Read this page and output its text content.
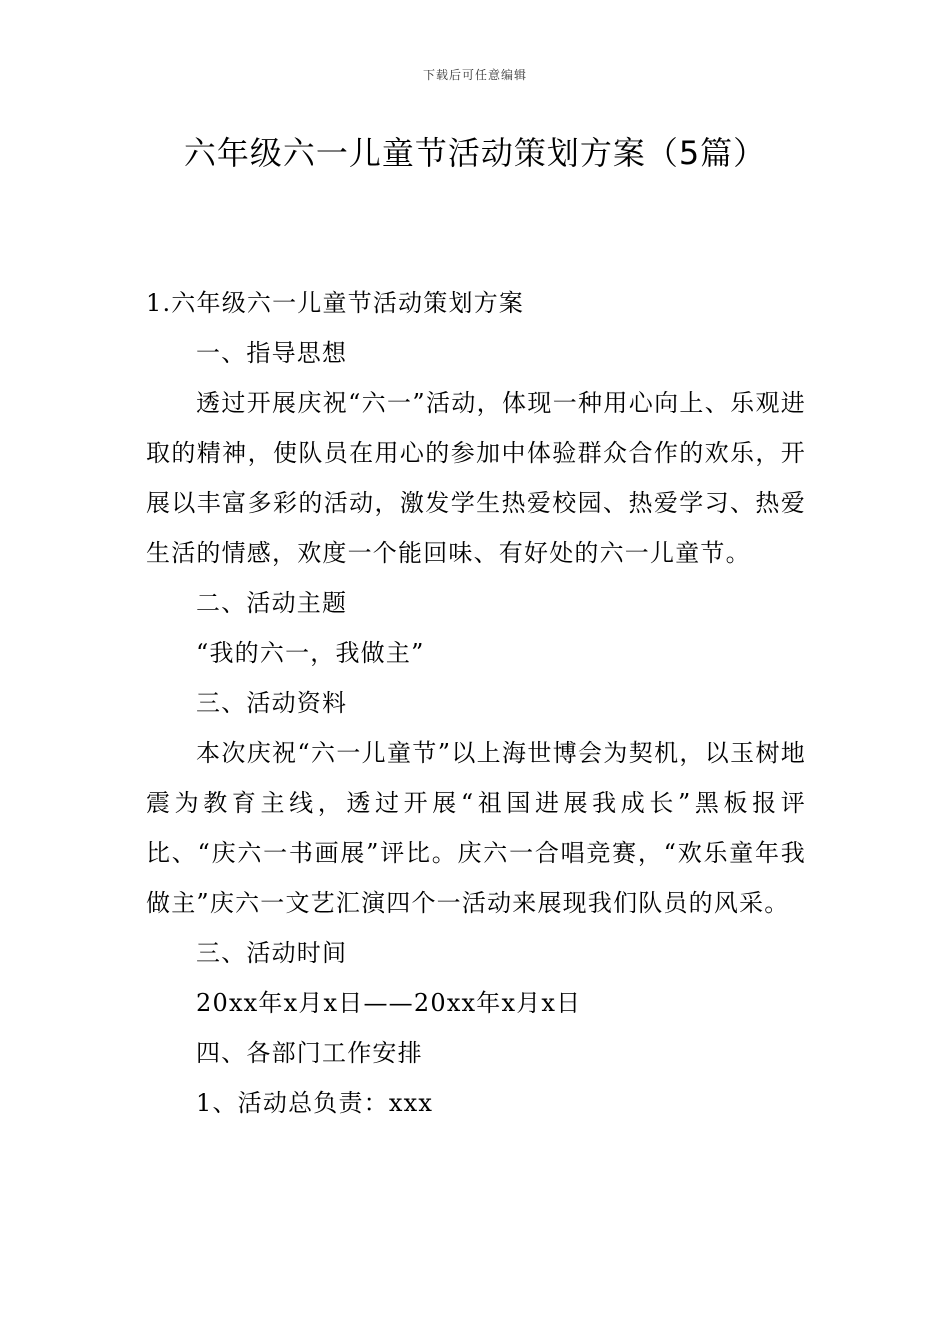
下载后可任意编辑
六年级六一儿童节活动策划方案（5篇）

1.六年级六一儿童节活动策划方案

一、指导思想

透过开展庆祝“六一”活动，体现一种用心向上、乐观进取的精神，使队员在用心的参加中体验群众合作的欢乐，开展以丰富多彩的活动，激发学生热爱校园、热爱学习、热爱生活的情感，欢度一个能回味、有好处的六一儿童节。

二、活动主题

“我的六一，我做主”

三、活动资料

本次庆祝“六一儿童节”以上海世博会为契机，以玉树地震为教育主线，透过开展“祖国进展我成长”黑板报评比、“庆六一书画展”评比。庆六一合唱竞赛，“欢乐童年我做主”庆六一文艺汇演四个一活动来展现我们队员的风采。

三、活动时间

20xx年x月x日——20xx年x月x日

四、各部门工作安排

1、活动总负责：xxx
